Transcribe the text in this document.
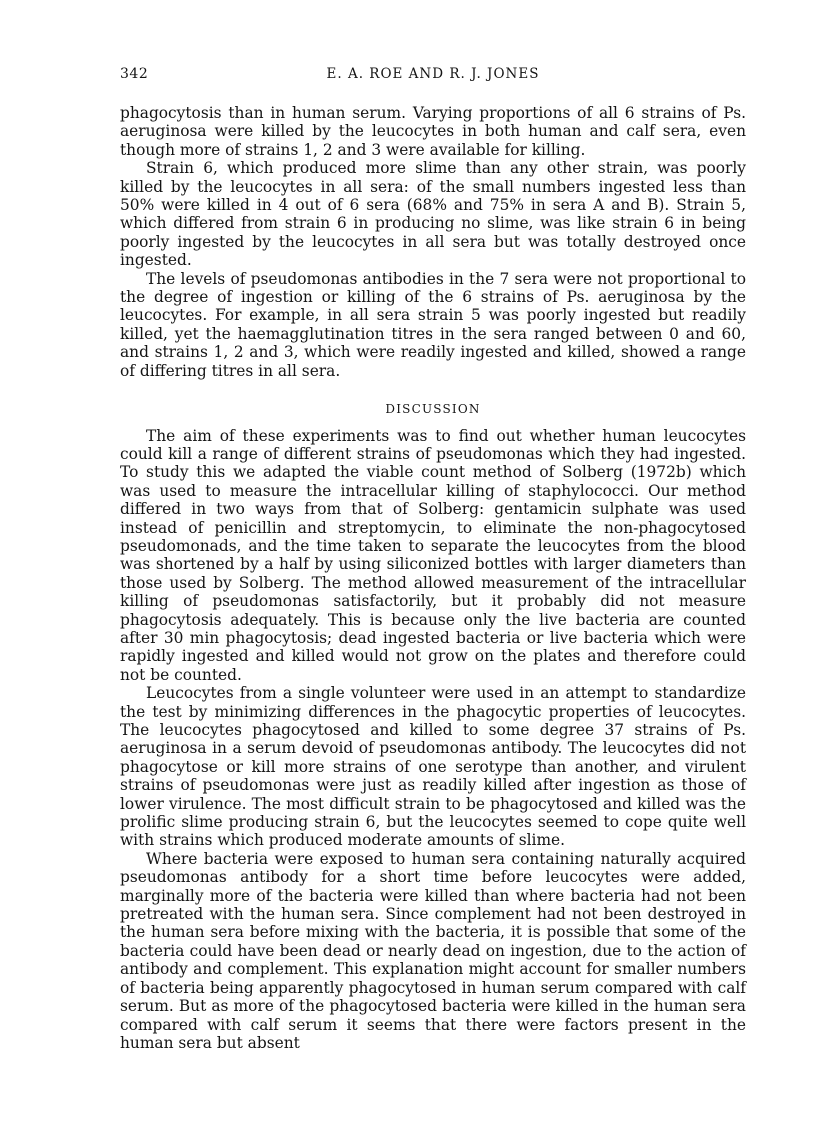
342	E. A. ROE AND R. J. JONES

phagocytosis than in human serum. Varying proportions of all 6 strains of Ps. aeruginosa were killed by the leucocytes in both human and calf sera, even though more of strains 1, 2 and 3 were available for killing.

Strain 6, which produced more slime than any other strain, was poorly killed by the leucocytes in all sera: of the small numbers ingested less than 50% were killed in 4 out of 6 sera (68% and 75% in sera A and B). Strain 5, which differed from strain 6 in producing no slime, was like strain 6 in being poorly ingested by the leucocytes in all sera but was totally destroyed once ingested.

The levels of pseudomonas antibodies in the 7 sera were not proportional to the degree of ingestion or killing of the 6 strains of Ps. aeruginosa by the leucocytes. For example, in all sera strain 5 was poorly ingested but readily killed, yet the haemagglutination titres in the sera ranged between 0 and 60, and strains 1, 2 and 3, which were readily ingested and killed, showed a range of differing titres in all sera.

DISCUSSION

The aim of these experiments was to find out whether human leucocytes could kill a range of different strains of pseudomonas which they had ingested. To study this we adapted the viable count method of Solberg (1972b) which was used to measure the intracellular killing of staphylococci. Our method differed in two ways from that of Solberg: gentamicin sulphate was used instead of penicillin and streptomycin, to eliminate the non-phagocytosed pseudomonads, and the time taken to separate the leucocytes from the blood was shortened by a half by using siliconized bottles with larger diameters than those used by Solberg. The method allowed measurement of the intracellular killing of pseudomonas satisfactorily, but it probably did not measure phagocytosis adequately. This is because only the live bacteria are counted after 30 min phagocytosis; dead ingested bacteria or live bacteria which were rapidly ingested and killed would not grow on the plates and therefore could not be counted.

Leucocytes from a single volunteer were used in an attempt to standardize the test by minimizing differences in the phagocytic properties of leucocytes. The leucocytes phagocytosed and killed to some degree 37 strains of Ps. aeruginosa in a serum devoid of pseudomonas antibody. The leucocytes did not phagocytose or kill more strains of one serotype than another, and virulent strains of pseudomonas were just as readily killed after ingestion as those of lower virulence. The most difficult strain to be phagocytosed and killed was the prolific slime producing strain 6, but the leucocytes seemed to cope quite well with strains which produced moderate amounts of slime.

Where bacteria were exposed to human sera containing naturally acquired pseudomonas antibody for a short time before leucocytes were added, marginally more of the bacteria were killed than where bacteria had not been pretreated with the human sera. Since complement had not been destroyed in the human sera before mixing with the bacteria, it is possible that some of the bacteria could have been dead or nearly dead on ingestion, due to the action of antibody and complement. This explanation might account for smaller numbers of bacteria being apparently phagocytosed in human serum compared with calf serum. But as more of the phagocytosed bacteria were killed in the human sera compared with calf serum it seems that there were factors present in the human sera but absent
